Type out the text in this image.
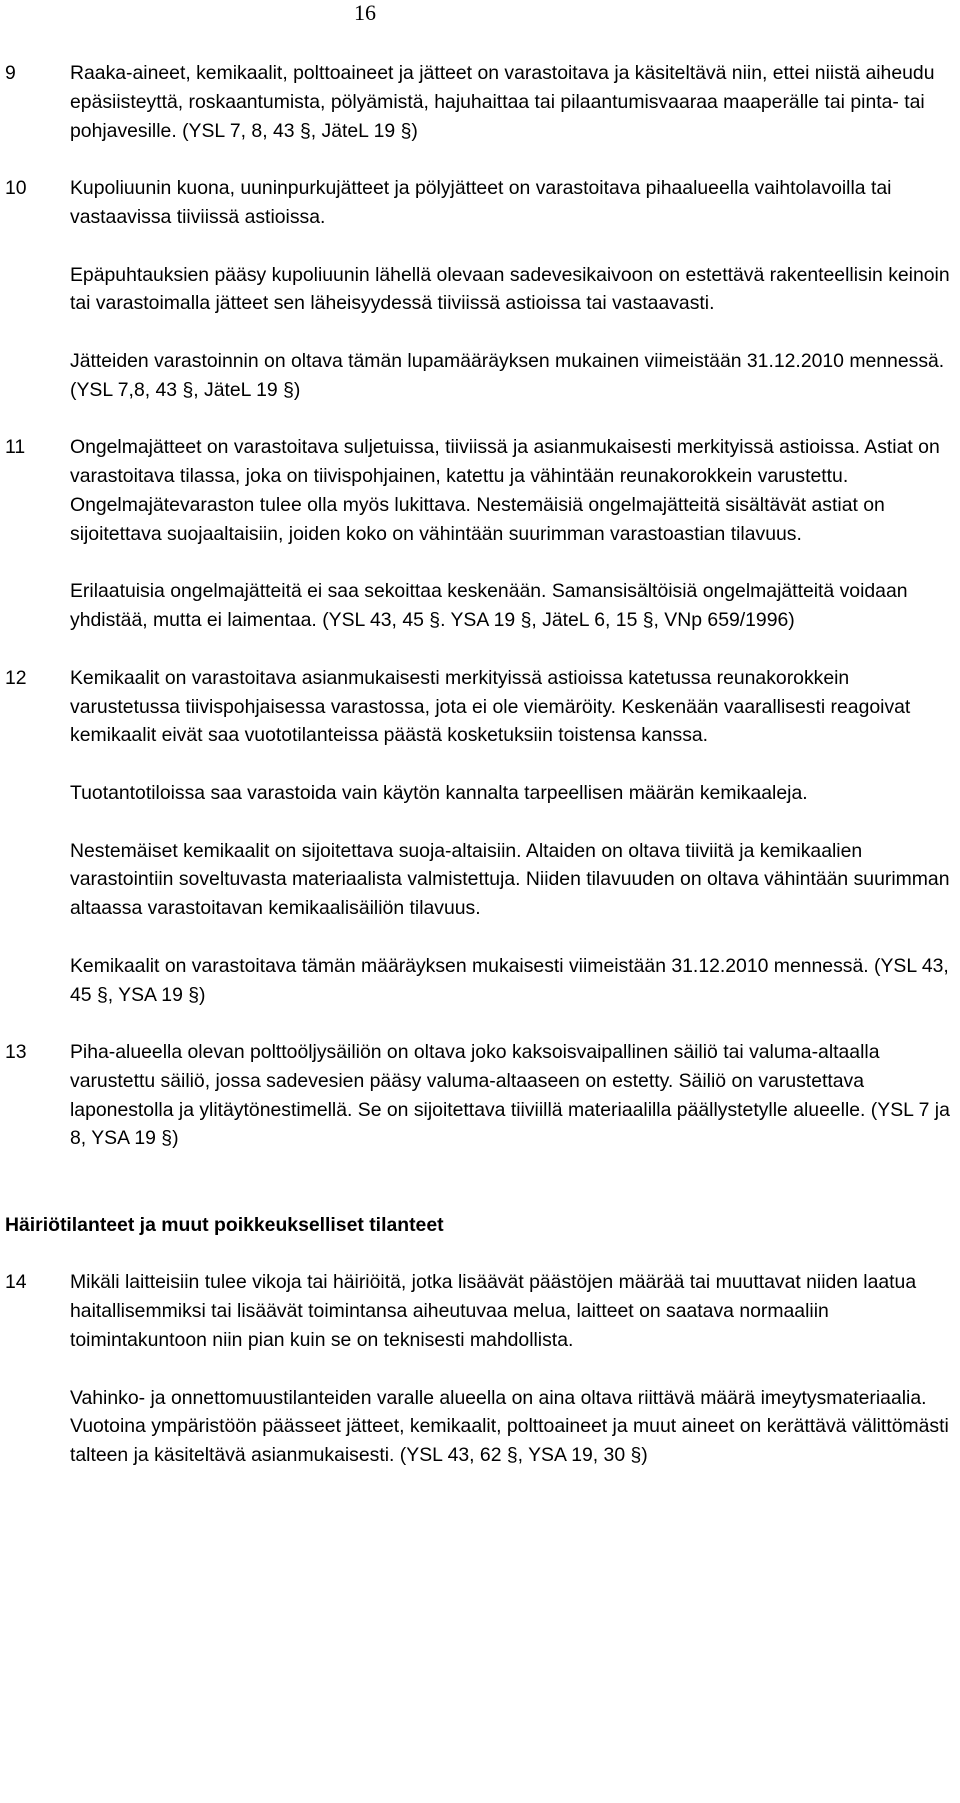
16
9	Raaka-aineet, kemikaalit, polttoaineet ja jätteet on varastoitava ja käsiteltävä niin, ettei niistä aiheudu epäsiisteyttä, roskaantumista, pölyämistä, hajuhaittaa tai pilaantumisvaaraa maaperälle tai pinta- tai pohjavesille. (YSL 7, 8, 43 §, JäteL 19 §)

10 Kupoliuunin kuona, uuninpurkujätteet ja pölyjätteet on varastoitava pihaalueella vaihtolavoilla tai vastaavissa tiiviissä astioissa.

Epäpuhtauksien pääsy kupoliuunin lähellä olevaan sadevesikaivoon on estettävä rakenteellisin keinoin tai varastoimalla jätteet sen läheisyydessä tiiviissä astioissa tai vastaavasti.

Jätteiden varastoinnin on oltava tämän lupamääräyksen mukainen viimeistään 31.12.2010 mennessä. (YSL 7,8, 43 §, JäteL 19 §)

11 Ongelmajätteet on varastoitava suljetuissa, tiiviissä ja asianmukaisesti merkityissä astioissa. Astiat on varastoitava tilassa, joka on tiivispohjainen, katettu ja vähintään reunakorokkein varustettu. Ongelmajätevaraston tulee olla myös lukittava. Nestemäisiä ongelmajätteitä sisältävät astiat on sijoitettava suojaaltaisiin, joiden koko on vähintään suurimman varastoastian tilavuus.

Erilaatuisia ongelmajätteitä ei saa sekoittaa keskenään. Samansisältöisiä ongelmajätteitä voidaan yhdistää, mutta ei laimentaa. (YSL 43, 45 §. YSA 19 §, JäteL 6, 15 §, VNp 659/1996)

12 Kemikaalit on varastoitava asianmukaisesti merkityissä astioissa katetussa reunakorokkein varustetussa tiivispohjaisessa varastossa, jota ei ole viemäröity. Keskenään vaarallisesti reagoivat kemikaalit eivät saa vuototilanteissa päästä kosketuksiin toistensa kanssa.

Tuotantotiloissa saa varastoida vain käytön kannalta tarpeellisen määrän kemikaaleja.

Nestemäiset kemikaalit on sijoitettava suoja-altaisiin. Altaiden on oltava tiiviitä ja kemikaalien varastointiin soveltuvasta materiaalista valmistettuja. Niiden tilavuuden on oltava vähintään suurimman altaassa varastoitavan kemikaalisäiliön tilavuus.

Kemikaalit on varastoitava tämän määräyksen mukaisesti viimeistään 31.12.2010 mennessä. (YSL 43, 45 §, YSA 19 §)

13 Piha-alueella olevan polttoöljysäiliön on oltava joko kaksoisvaipallinen säiliö tai valuma-altaalla varustettu säiliö, jossa sadevesien pääsy valuma-altaaseen on estetty. Säiliö on varustettava laponestolla ja ylitäytönestimellä. Se on sijoitettava tiiviillä materiaalilla päällystetylle alueelle. (YSL 7 ja 8, YSA 19 §)

Häiriötilanteet ja muut poikkeukselliset tilanteet
14 Mikäli laitteisiin tulee vikoja tai häiriöitä, jotka lisäävät päästöjen määrää tai muuttavat niiden laatua haitallisemmiksi tai lisäävät toimintansa aiheutuvaa melua, laitteet on saatava normaaliin toimintakuntoon niin pian kuin se on teknisesti mahdollista.

Vahinko- ja onnettomuustilanteiden varalle alueella on aina oltava riittävä määrä imeytysmateriaalia. Vuotoina ympäristöön päässeet jätteet, kemikaalit, polttoaineet ja muut aineet on kerättävä välittömästi talteen ja käsiteltävä asianmukaisesti. (YSL 43, 62 §, YSA 19, 30 §)
